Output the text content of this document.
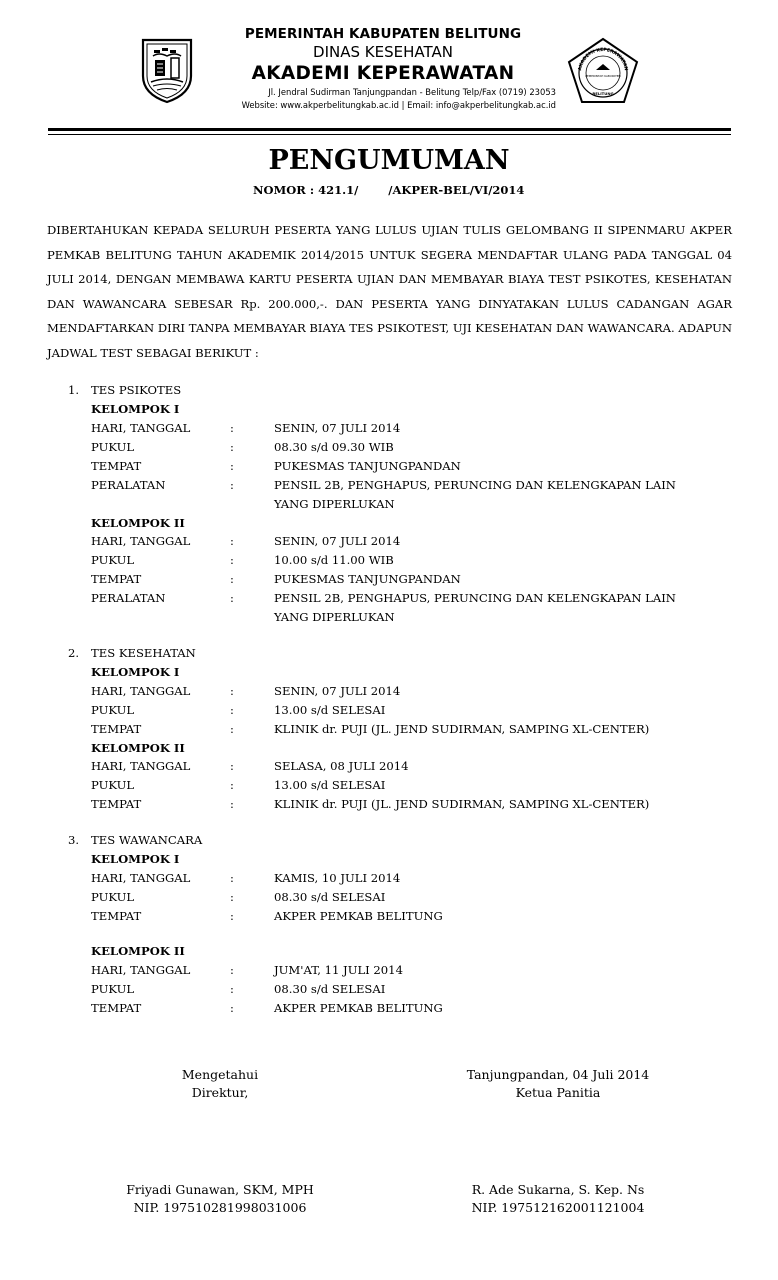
PEMERINTAH KABUPATEN BELITUNG
DINAS KESEHATAN
AKADEMI KEPERAWATAN
Jl. Jendral Sudirman Tanjungpandan - Belitung Telp/Fax (0719) 23053
Website: www.akperbelitungkab.ac.id | Email: info@akperbelitungkab.ac.id
AKADEMI KEPERAWATAN
PEMERINTAH KABUPATEN
BELITUNG
PENGUMUMAN
NOMOR : 421.1/	/AKPER-BEL/VI/2014
DIBERTAHUKAN KEPADA SELURUH PESERTA YANG LULUS UJIAN TULIS GELOMBANG II SIPENMARU AKPER PEMKAB BELITUNG TAHUN AKADEMIK 2014/2015 UNTUK SEGERA MENDAFTAR ULANG PADA TANGGAL 04 JULI 2014, DENGAN MEMBAWA KARTU PESERTA UJIAN DAN MEMBAYAR BIAYA TEST PSIKOTES, KESEHATAN DAN WAWANCARA SEBESAR Rp. 200.000,-. DAN PESERTA YANG DINYATAKAN LULUS CADANGAN AGAR MENDAFTARKAN DIRI TANPA MEMBAYAR BIAYA TES PSIKOTEST, UJI KESEHATAN DAN WAWANCARA. ADAPUN JADWAL TEST SEBAGAI BERIKUT :
1. TES PSIKOTES
KELOMPOK I
HARI, TANGGAL	:	SENIN, 07 JULI 2014
PUKUL	:	08.30 s/d 09.30 WIB
TEMPAT	:	PUKESMAS TANJUNGPANDAN
PERALATAN	:	PENSIL 2B, PENGHAPUS, PERUNCING DAN KELENGKAPAN LAIN YANG DIPERLUKAN
KELOMPOK II
HARI, TANGGAL	:	SENIN, 07 JULI 2014
PUKUL	:	10.00 s/d 11.00 WIB
TEMPAT	:	PUKESMAS TANJUNGPANDAN
PERALATAN	:	PENSIL 2B, PENGHAPUS, PERUNCING DAN KELENGKAPAN LAIN YANG DIPERLUKAN
2. TES KESEHATAN
KELOMPOK I
HARI, TANGGAL	:	SENIN, 07 JULI 2014
PUKUL	:	13.00 s/d SELESAI
TEMPAT	:	KLINIK dr. PUJI (JL. JEND SUDIRMAN, SAMPING XL-CENTER)
KELOMPOK II
HARI, TANGGAL	:	SELASA, 08 JULI 2014
PUKUL	:	13.00 s/d SELESAI
TEMPAT	:	KLINIK dr. PUJI (JL. JEND SUDIRMAN, SAMPING XL-CENTER)
3. TES WAWANCARA
KELOMPOK I
HARI, TANGGAL	:	KAMIS, 10 JULI 2014
PUKUL	:	08.30 s/d SELESAI
TEMPAT	:	AKPER PEMKAB BELITUNG
KELOMPOK II
HARI, TANGGAL	:	JUM'AT, 11 JULI 2014
PUKUL	:	08.30 s/d SELESAI
TEMPAT	:	AKPER PEMKAB BELITUNG
Mengetahui
Direktur,
Tanjungpandan, 04 Juli 2014
Ketua Panitia
Friyadi Gunawan, SKM, MPH
NIP. 197510281998031006
R. Ade Sukarna, S. Kep. Ns
NIP. 197512162001121004
